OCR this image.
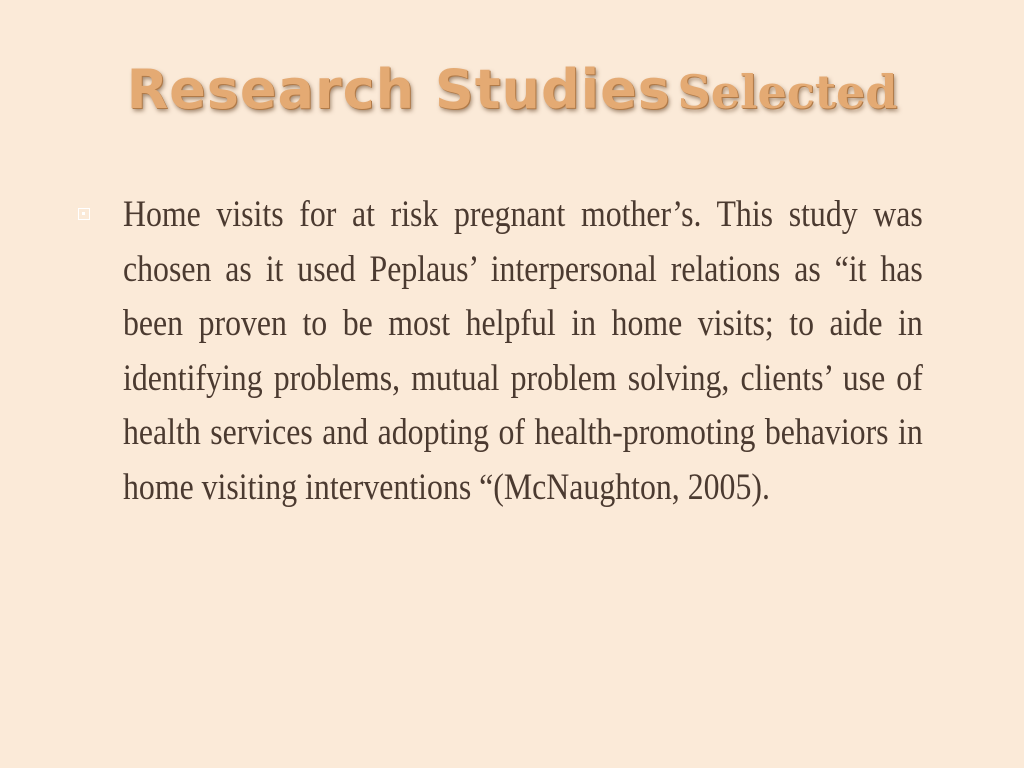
Research Studies Selected

Home visits for at risk pregnant mother’s. This study was chosen as it used Peplaus’ interpersonal relations as “it has been proven to be most helpful in home visits; to aide in identifying problems, mutual problem solving, clients’ use of health services and adopting of health-promoting behaviors in home visiting interventions “(McNaughton, 2005).
